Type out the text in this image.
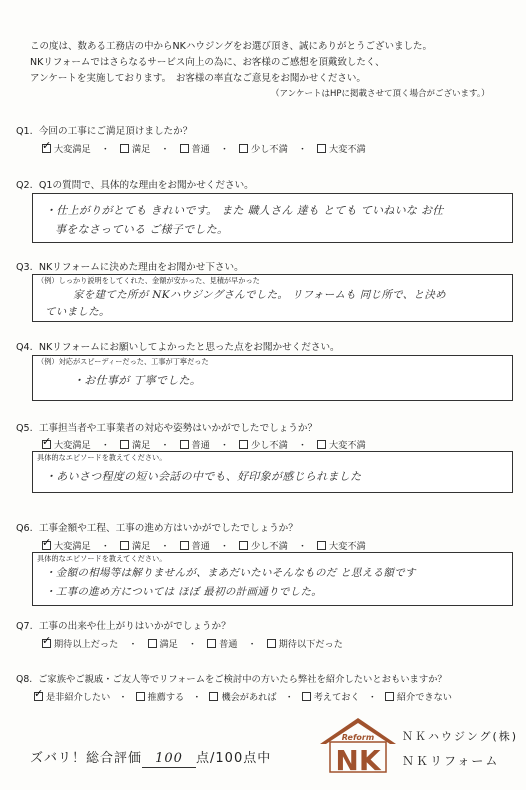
この度は、数ある工務店の中からNKハウジングをお選び頂き、誠にありがとうございました。
NKリフォームではさらなるサービス向上の為に、お客様のご感想を頂戴致したく、
アンケートを実施しております。　お客様の率直なご意見をお聞かせください。
（アンケートはHPに掲載させて頂く場合がございます。）
Q1. 今回の工事にご満足頂けましたか？
✓
大変満足 ・ 満足 ・ 普通 ・ 少し不満 ・ 大変不満
Q2. Q1の質問で、具体的な理由をお聞かせください。
・仕上がりがとても きれいです。 また 職人さん 達も とても ていねいな お仕
事をなさっている ご様子でした。
Q3. NKリフォームに決めた理由をお聞かせ下さい。
（例）しっかり説明をしてくれた、金額が安かった、見積が早かった
家を建てた所が NKハウジングさんでした。 リフォームも 同じ所で、と決め
ていました。
Q4. NKリフォームにお願いしてよかったと思った点をお聞かせください。
（例）対応がスピーディーだった、工事が丁寧だった
・お仕事が 丁寧でした。
Q5. 工事担当者や工事業者の対応や姿勢はいかがでしたでしょうか？
✓
大変満足 ・ 満足 ・ 普通 ・ 少し不満 ・ 大変不満
具体的なエピソードを教えてください。
・あいさつ程度の短い会話の中でも、好印象が感じられました
Q6. 工事金額や工程、工事の進め方はいかがでしたでしょうか？
✓
大変満足 ・ 満足 ・ 普通 ・ 少し不満 ・ 大変不満
具体的なエピソードを教えてください。
・金額の相場等は解りませんが、まあだいたいそんなものだ と思える額です
・工事の進め方については ほぼ 最初の計画通りでした。
Q7. 工事の出来や仕上がりはいかがでしょうか？
✓
期待以上だった ・ 満足 ・ 普通 ・ 期待以下だった
Q8. ご家族やご親戚・ご友人等でリフォームをご検討中の方いたら弊社を紹介したいとおもいますか？
✓
是非紹介したい ・ 推薦する ・ 機会があれば ・ 考えておく ・ 紹介できない
ズバリ！総合評価 100 点/100点中
Reform
NK
ＮＫハウジング(株)
ＮＫリフォーム
